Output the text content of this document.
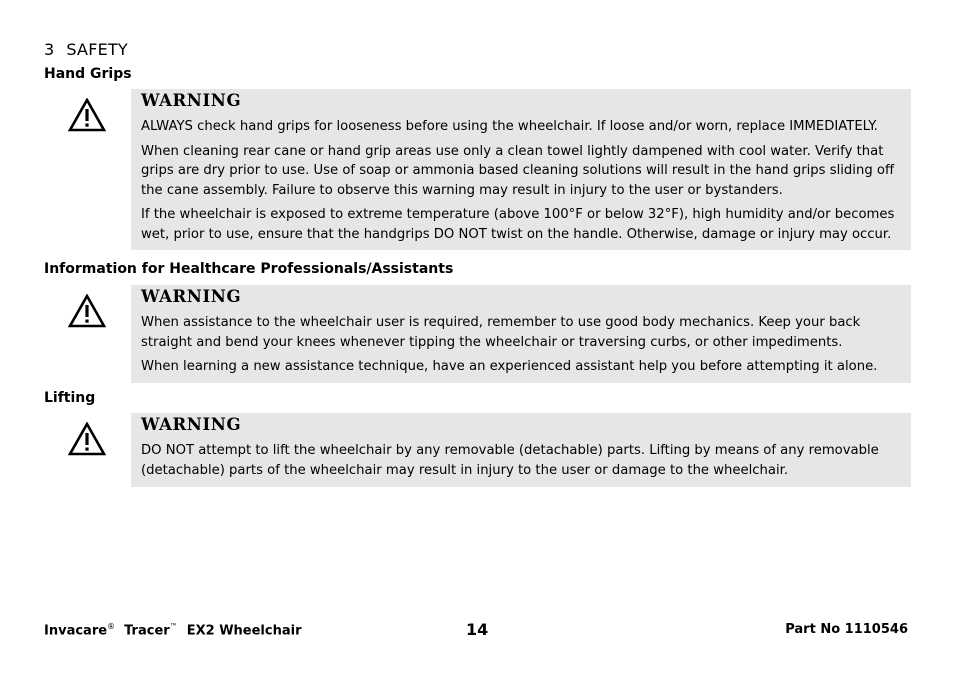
3 SAFETY
Hand Grips
WARNING

ALWAYS check hand grips for looseness before using the wheelchair. If loose and/or worn, replace IMMEDIATELY.

When cleaning rear cane or hand grip areas use only a clean towel lightly dampened with cool water. Verify that grips are dry prior to use. Use of soap or ammonia based cleaning solutions will result in the hand grips sliding off the cane assembly. Failure to observe this warning may result in injury to the user or bystanders.

If the wheelchair is exposed to extreme temperature (above 100°F or below 32°F), high humidity and/or becomes wet, prior to use, ensure that the handgrips DO NOT twist on the handle. Otherwise, damage or injury may occur.

Information for Healthcare Professionals/Assistants
WARNING

When assistance to the wheelchair user is required, remember to use good body mechanics. Keep your back straight and bend your knees whenever tipping the wheelchair or traversing curbs, or other impediments.

When learning a new assistance technique, have an experienced assistant help you before attempting it alone.

Lifting
WARNING

DO NOT attempt to lift the wheelchair by any removable (detachable) parts. Lifting by means of any removable (detachable) parts of the wheelchair may result in injury to the user or damage to the wheelchair.

Invacare® Tracer™ EX2 Wheelchair	14	Part No 1110546
